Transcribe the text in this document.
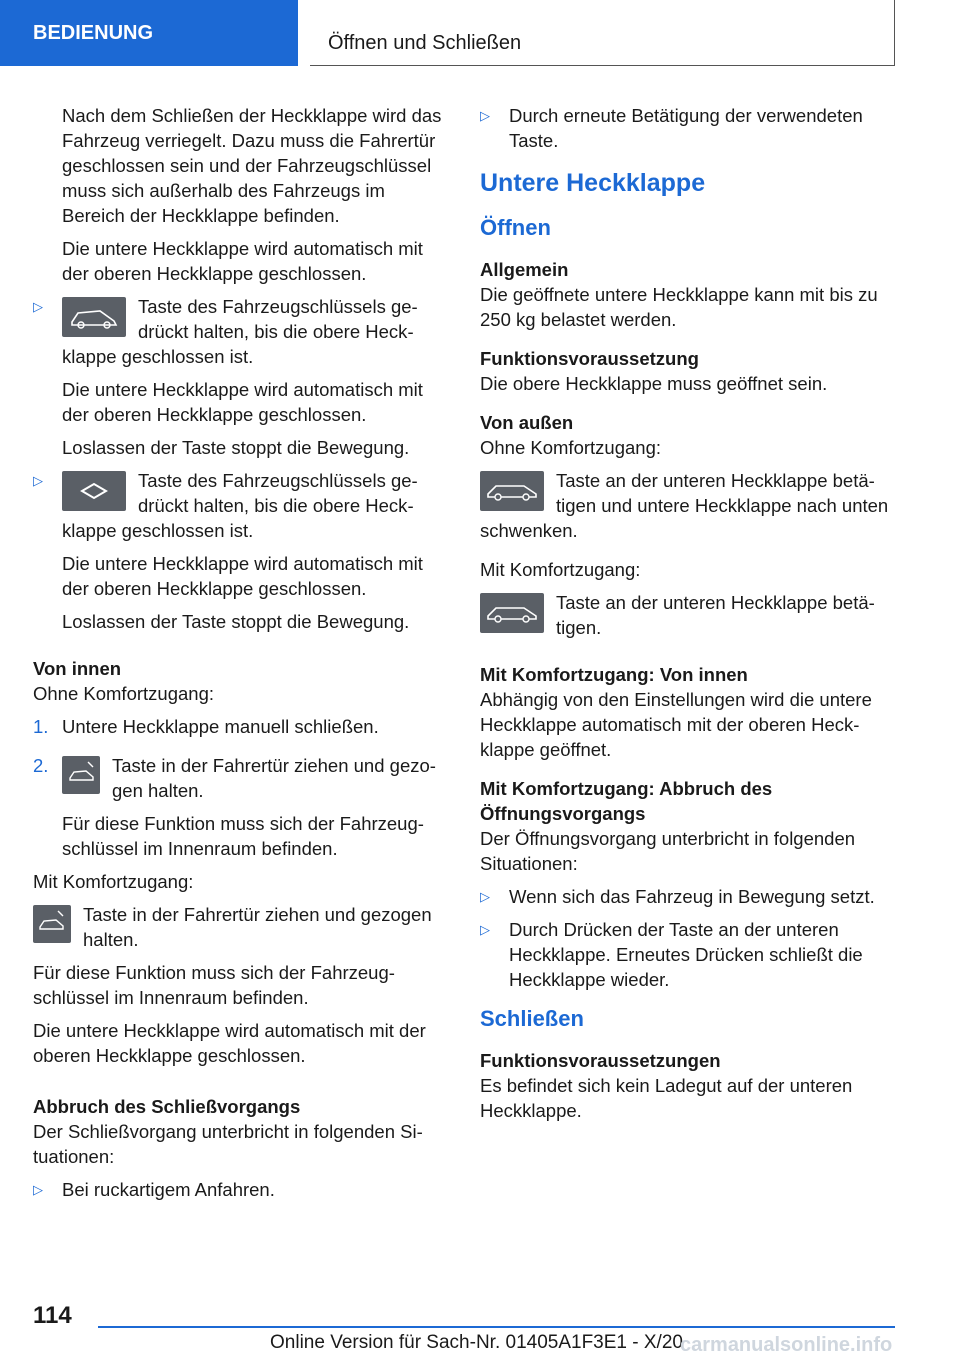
BEDIENUNG	Öffnen und Schließen

Nach dem Schließen der Heckklappe wird das Fahrzeug verriegelt. Dazu muss die Fahrertür geschlossen sein und der Fahrzeugschlüssel muss sich außerhalb des Fahrzeugs im Bereich der Heckklappe befinden.

Die untere Heckklappe wird automatisch mit der oberen Heckklappe geschlossen.

▷	Taste des Fahrzeugschlüssels gedrückt halten, bis die obere Heckklappe geschlossen ist.

Die untere Heckklappe wird automatisch mit der oberen Heckklappe geschlossen.

Loslassen der Taste stoppt die Bewegung.

▷	Taste des Fahrzeugschlüssels gedrückt halten, bis die obere Heckklappe geschlossen ist.

Die untere Heckklappe wird automatisch mit der oberen Heckklappe geschlossen.

Loslassen der Taste stoppt die Bewegung.

Von innen

Ohne Komfortzugang:

1. Untere Heckklappe manuell schließen.
2.	Taste in der Fahrertür ziehen und gezogen halten.

Für diese Funktion muss sich der Fahrzeugschlüssel im Innenraum befinden.

Mit Komfortzugang:

Taste in der Fahrertür ziehen und gezogen halten.

Für diese Funktion muss sich der Fahrzeugschlüssel im Innenraum befinden.

Die untere Heckklappe wird automatisch mit der oberen Heckklappe geschlossen.

Abbruch des Schließvorgangs

Der Schließvorgang unterbricht in folgenden Situationen:

▷ Bei ruckartigem Anfahren.
▷ Durch erneute Betätigung der verwendeten Taste.
Untere Heckklappe
Öffnen

Allgemein

Die geöffnete untere Heckklappe kann mit bis zu 250 kg belastet werden.

Funktionsvoraussetzung

Die obere Heckklappe muss geöffnet sein.

Von außen

Ohne Komfortzugang:

Taste an der unteren Heckklappe betätigen und untere Heckklappe nach unten schwenken.

Mit Komfortzugang:

Taste an der unteren Heckklappe betätigen.

Mit Komfortzugang: Von innen

Abhängig von den Einstellungen wird die untere Heckklappe automatisch mit der oberen Heckklappe geöffnet.

Mit Komfortzugang: Abbruch des Öffnungsvorgangs

Der Öffnungsvorgang unterbricht in folgenden Situationen:

▷ Wenn sich das Fahrzeug in Bewegung setzt.
▷ Durch Drücken der Taste an der unteren Heckklappe. Erneutes Drücken schließt die Heckklappe wieder.
Schließen

Funktionsvoraussetzungen

Es befindet sich kein Ladegut auf der unteren Heckklappe.

114
Online Version für Sach-Nr. 01405A1F3E1 - X/20
carmanualsonline.info
